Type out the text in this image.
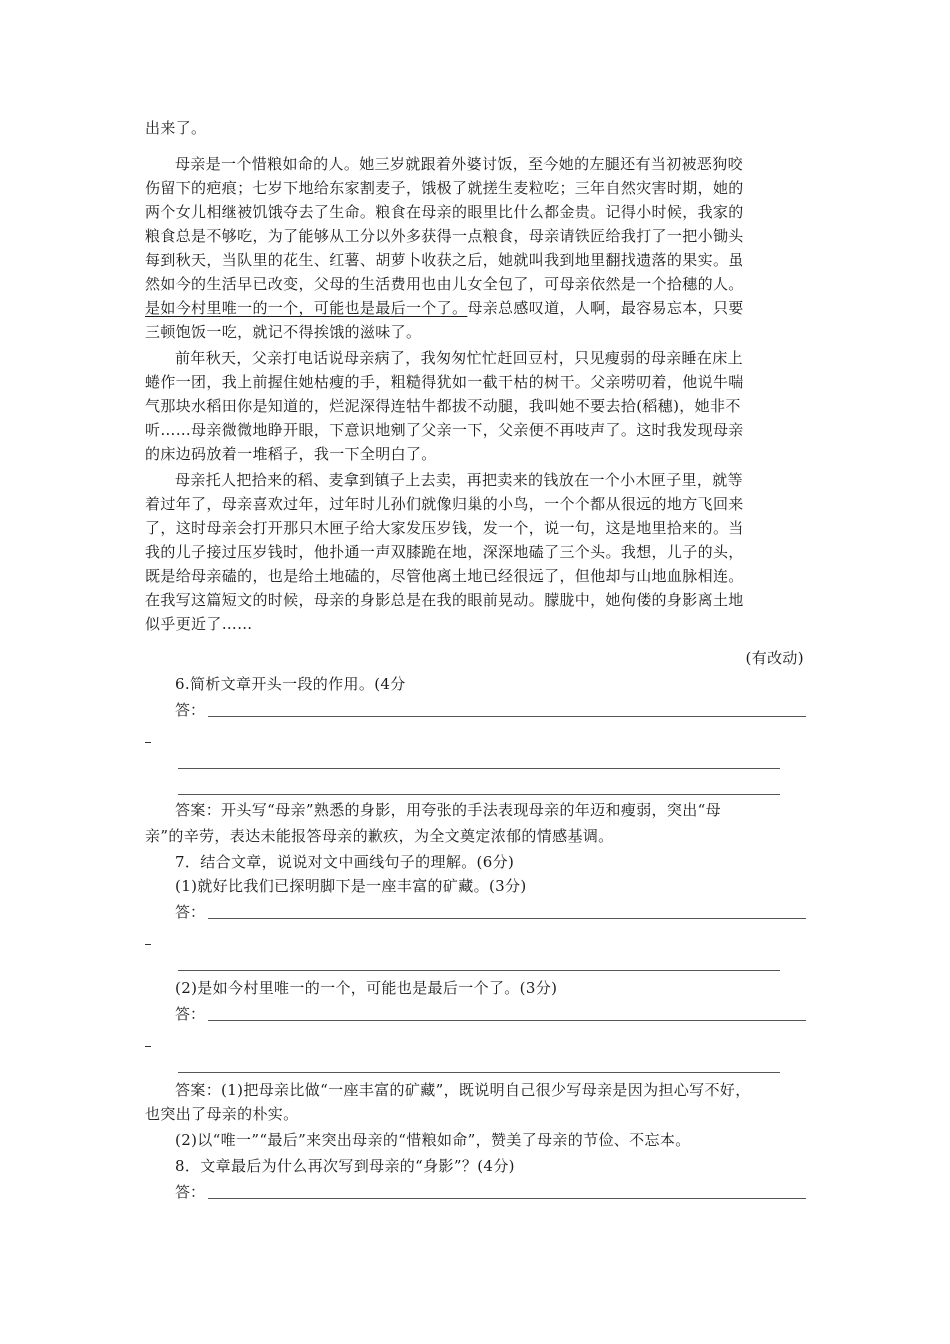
出来了。
母亲是一个惜粮如命的人。她三岁就跟着外婆讨饭，至今她的左腿还有当初被恶狗咬
伤留下的疤痕；七岁下地给东家割麦子，饿极了就搓生麦粒吃；三年自然灾害时期，她的
两个女儿相继被饥饿夺去了生命。粮食在母亲的眼里比什么都金贵。记得小时候，我家的
粮食总是不够吃，为了能够从工分以外多获得一点粮食，母亲请铁匠给我打了一把小锄头
每到秋天，当队里的花生、红薯、胡萝卜收获之后，她就叫我到地里翻找遗落的果实。虽
然如今的生活早已改变，父母的生活费用也由儿女全包了，可母亲依然是一个拾穗的人。
是如今村里唯一的一个，可能也是最后一个了。母亲总感叹道，人啊，最容易忘本，只要
三顿饱饭一吃，就记不得挨饿的滋味了。
前年秋天，父亲打电话说母亲病了，我匆匆忙忙赶回豆村，只见瘦弱的母亲睡在床上
蜷作一团，我上前握住她枯瘦的手，粗糙得犹如一截干枯的树干。父亲唠叨着，他说牛喘
气那块水稻田你是知道的，烂泥深得连牯牛都拔不动腿，我叫她不要去拾(稻穗)，她非不
听……母亲微微地睁开眼，下意识地剜了父亲一下，父亲便不再吱声了。这时我发现母亲
的床边码放着一堆稻子，我一下全明白了。
母亲托人把拾来的稻、麦拿到镇子上去卖，再把卖来的钱放在一个小木匣子里，就等
着过年了，母亲喜欢过年，过年时儿孙们就像归巢的小鸟，一个个都从很远的地方飞回来
了，这时母亲会打开那只木匣子给大家发压岁钱，发一个，说一句，这是地里拾来的。当
我的儿子接过压岁钱时，他扑通一声双膝跪在地，深深地磕了三个头。我想，儿子的头，
既是给母亲磕的，也是给土地磕的，尽管他离土地已经很远了，但他却与山地血脉相连。
在我写这篇短文的时候，母亲的身影总是在我的眼前晃动。朦胧中，她佝偻的身影离土地
似乎更近了……
(有改动)
6.简析文章开头一段的作用。(4分
答：
答案：开头写“母亲”熟悉的身影，用夸张的手法表现母亲的年迈和瘦弱，突出“母
亲”的辛劳，表达未能报答母亲的歉疚，为全文奠定浓郁的情感基调。
7．结合文章，说说对文中画线句子的理解。(6分)
(1)就好比我们已探明脚下是一座丰富的矿藏。(3分)
答：
(2)是如今村里唯一的一个，可能也是最后一个了。(3分)
答：
答案：(1)把母亲比做“一座丰富的矿藏”，既说明自己很少写母亲是因为担心写不好，
也突出了母亲的朴实。
(2)以“唯一”“最后”来突出母亲的“惜粮如命”，赞美了母亲的节俭、不忘本。
8．文章最后为什么再次写到母亲的“身影”？(4分)
答：
